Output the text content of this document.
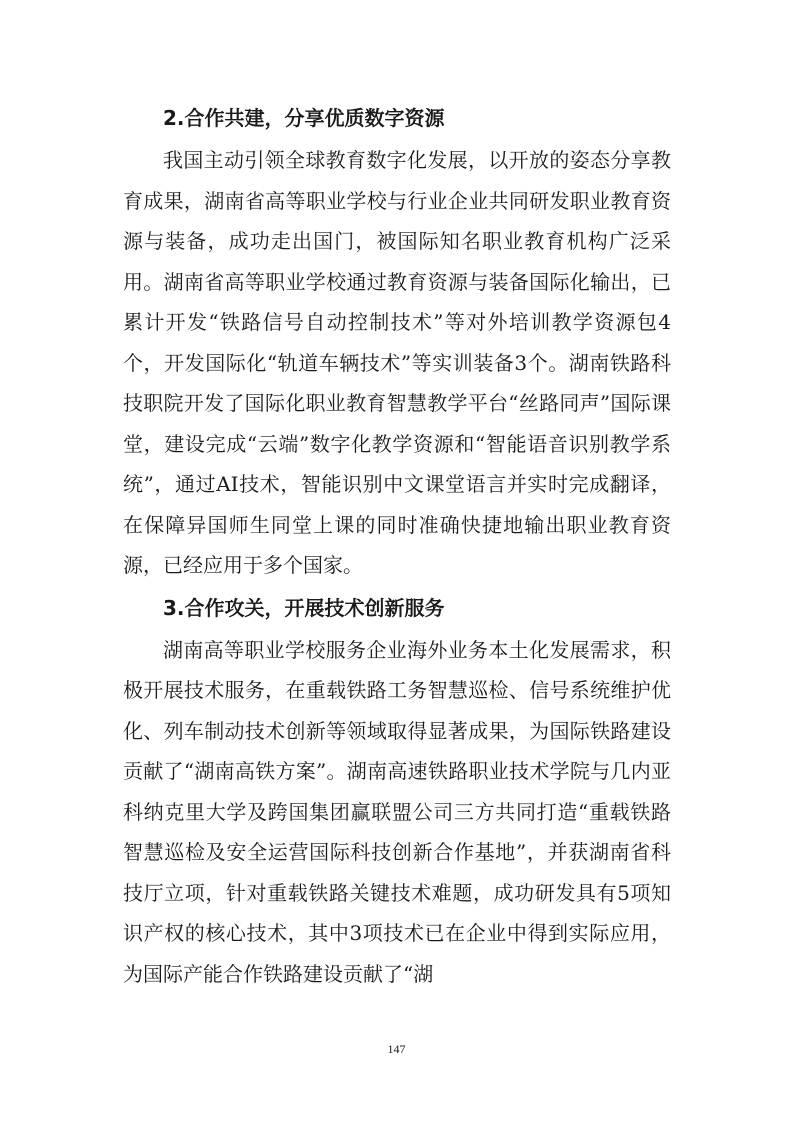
2.合作共建，分享优质数字资源

我国主动引领全球教育数字化发展，以开放的姿态分享教育成果，湖南省高等职业学校与行业企业共同研发职业教育资源与装备，成功走出国门，被国际知名职业教育机构广泛采用。湖南省高等职业学校通过教育资源与装备国际化输出，已累计开发“铁路信号自动控制技术”等对外培训教学资源包4个，开发国际化“轨道车辆技术”等实训装备3个。湖南铁路科技职院开发了国际化职业教育智慧教学平台“丝路同声”国际课堂，建设完成“云端”数字化教学资源和“智能语音识别教学系统”，通过AI技术，智能识别中文课堂语言并实时完成翻译，在保障异国师生同堂上课的同时准确快捷地输出职业教育资源，已经应用于多个国家。

3.合作攻关，开展技术创新服务

湖南高等职业学校服务企业海外业务本土化发展需求，积极开展技术服务，在重载铁路工务智慧巡检、信号系统维护优化、列车制动技术创新等领域取得显著成果，为国际铁路建设贡献了“湖南高铁方案”。湖南高速铁路职业技术学院与几内亚科纳克里大学及跨国集团赢联盟公司三方共同打造“重载铁路智慧巡检及安全运营国际科技创新合作基地”，并获湖南省科技厅立项，针对重载铁路关键技术难题，成功研发具有5项知识产权的核心技术，其中3项技术已在企业中得到实际应用，为国际产能合作铁路建设贡献了“湖

147
